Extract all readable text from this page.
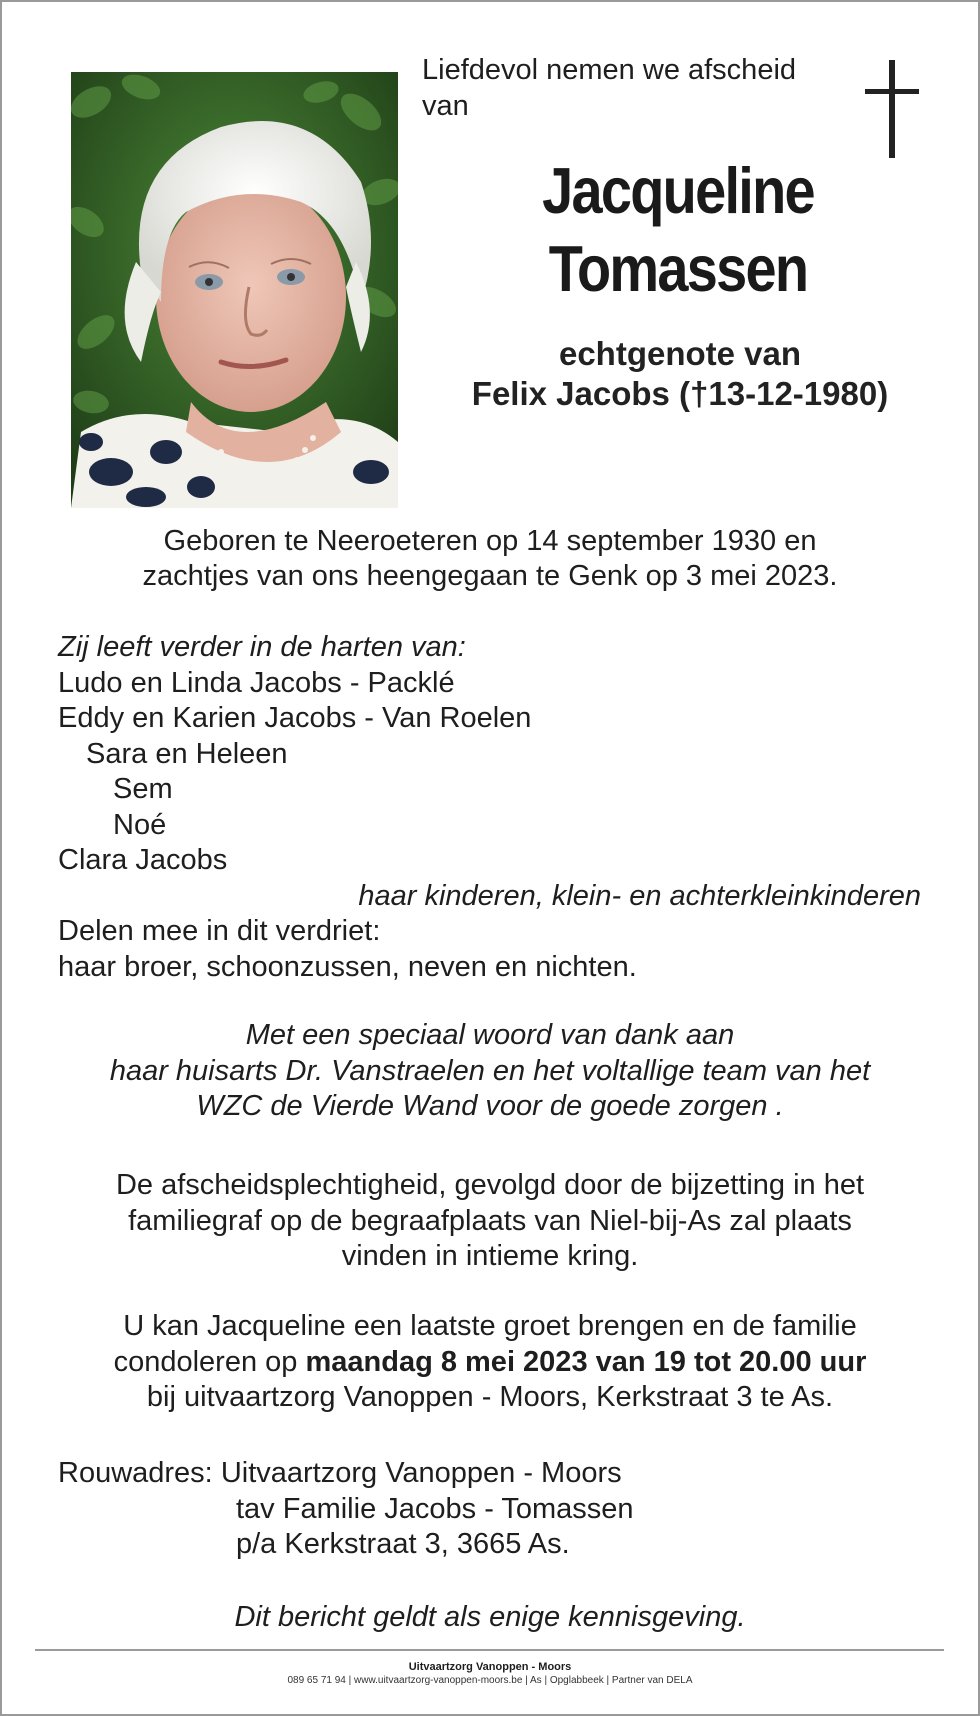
Liefdevol nemen we afscheid van
Jacqueline
Tomassen
echtgenote van
Felix Jacobs (†13-12-1980)
Geboren te Neeroeteren op 14 september 1930 en
zachtjes van ons heengegaan te Genk op 3 mei 2023.
Zij leeft verder in de harten van:
Ludo en Linda Jacobs - Packlé
Eddy en Karien Jacobs - Van Roelen
Sara en Heleen
Sem
Noé
Clara Jacobs
haar kinderen, klein- en achterkleinkinderen
Delen mee in dit verdriet:
haar broer, schoonzussen, neven en nichten.
Met een speciaal woord van dank aan
haar huisarts Dr. Vanstraelen en het voltallige team van het
WZC de Vierde Wand voor de goede zorgen .
De afscheidsplechtigheid, gevolgd door de bijzetting in het
familiegraf op de begraafplaats van Niel-bij-As zal plaats
vinden in intieme kring.
U kan Jacqueline een laatste groet brengen en de familie
condoleren op maandag 8 mei 2023 van 19 tot 20.00 uur
bij uitvaartzorg Vanoppen - Moors, Kerkstraat 3 te As.
Rouwadres: Uitvaartzorg Vanoppen - Moors
tav Familie Jacobs - Tomassen
p/a Kerkstraat 3, 3665 As.
Dit bericht geldt als enige kennisgeving.
Uitvaartzorg Vanoppen - Moors
089 65 71 94 | www.uitvaartzorg-vanoppen-moors.be | As | Opglabbeek | Partner van DELA
